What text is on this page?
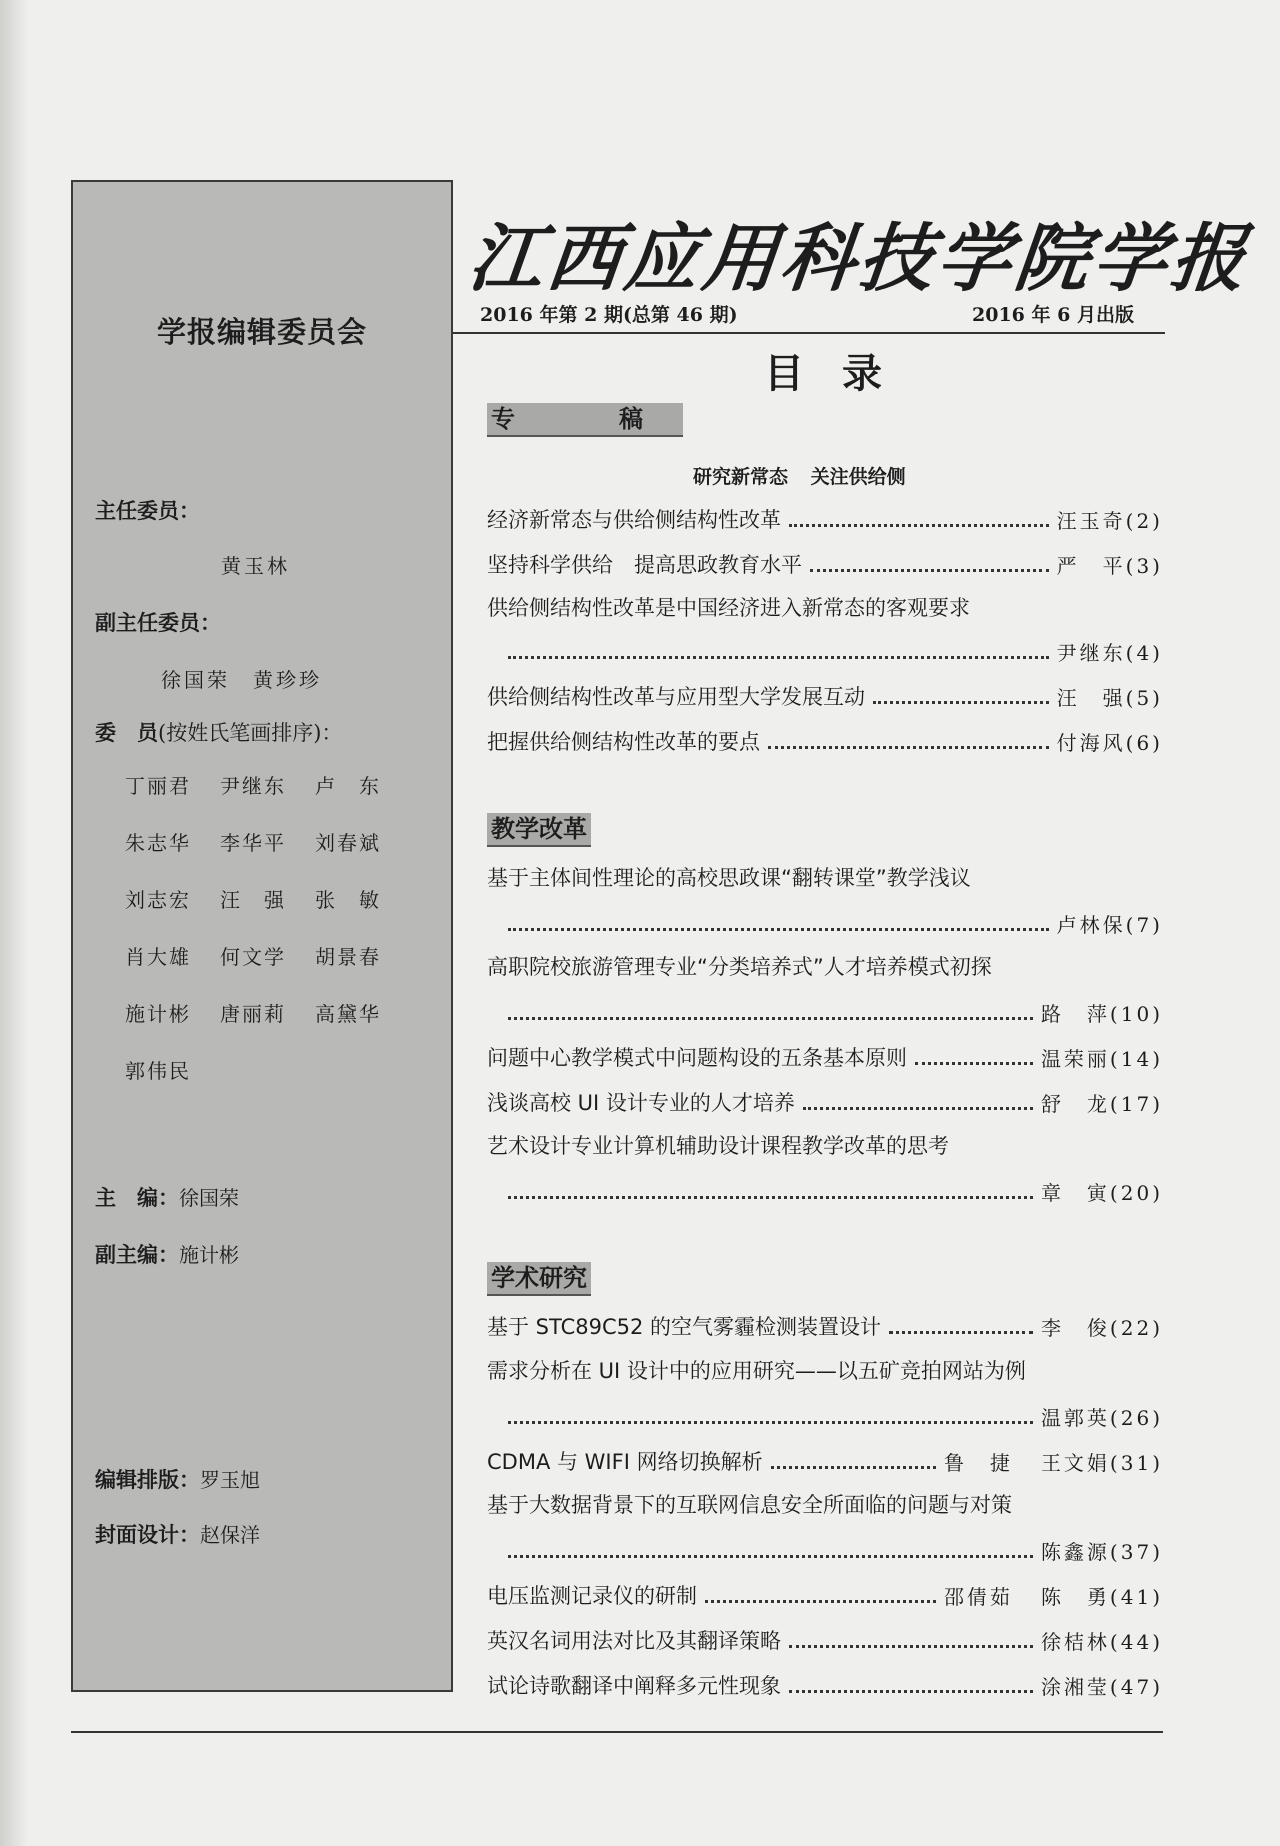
学报编辑委员会
主任委员：
黄玉林
副主任委员：
徐国荣　黄珍珍
委　员(按姓氏笔画排序)：
丁丽君	尹继东	卢　东
朱志华	李华平	刘春斌
刘志宏	汪　强	张　敏
肖大雄	何文学	胡景春
施计彬	唐丽莉	高黛华
郭伟民
主　编：徐国荣
副主编：施计彬
编辑排版：罗玉旭
封面设计：赵保洋
江西应用科技学院学报
2016 年第 2 期(总第 46 期)	2016 年 6 月出版
目录
专　稿
研究新常态 关注供给侧
经济新常态与供给侧结构性改革	汪玉奇(2)
坚持科学供给　提高思政教育水平	严　平(3)
供给侧结构性改革是中国经济进入新常态的客观要求
尹继东(4)
供给侧结构性改革与应用型大学发展互动	汪　强(5)
把握供给侧结构性改革的要点	付海风(6)
教学改革
基于主体间性理论的高校思政课“翻转课堂”教学浅议
卢林保(7)
高职院校旅游管理专业“分类培养式”人才培养模式初探
路　萍(10)
问题中心教学模式中问题构设的五条基本原则	温荣丽(14)
浅谈高校 UI 设计专业的人才培养	舒　龙(17)
艺术设计专业计算机辅助设计课程教学改革的思考
章　寅(20)
学术研究
基于 STC89C52 的空气雾霾检测装置设计	李　俊(22)
需求分析在 UI 设计中的应用研究——以五矿竞拍网站为例
温郭英(26)
CDMA 与 WIFI 网络切换解析	鲁　捷 王文娟(31)
基于大数据背景下的互联网信息安全所面临的问题与对策
陈鑫源(37)
电压监测记录仪的研制	邵倩茹 陈　勇(41)
英汉名词用法对比及其翻译策略	徐桔林(44)
试论诗歌翻译中阐释多元性现象	涂湘莹(47)
